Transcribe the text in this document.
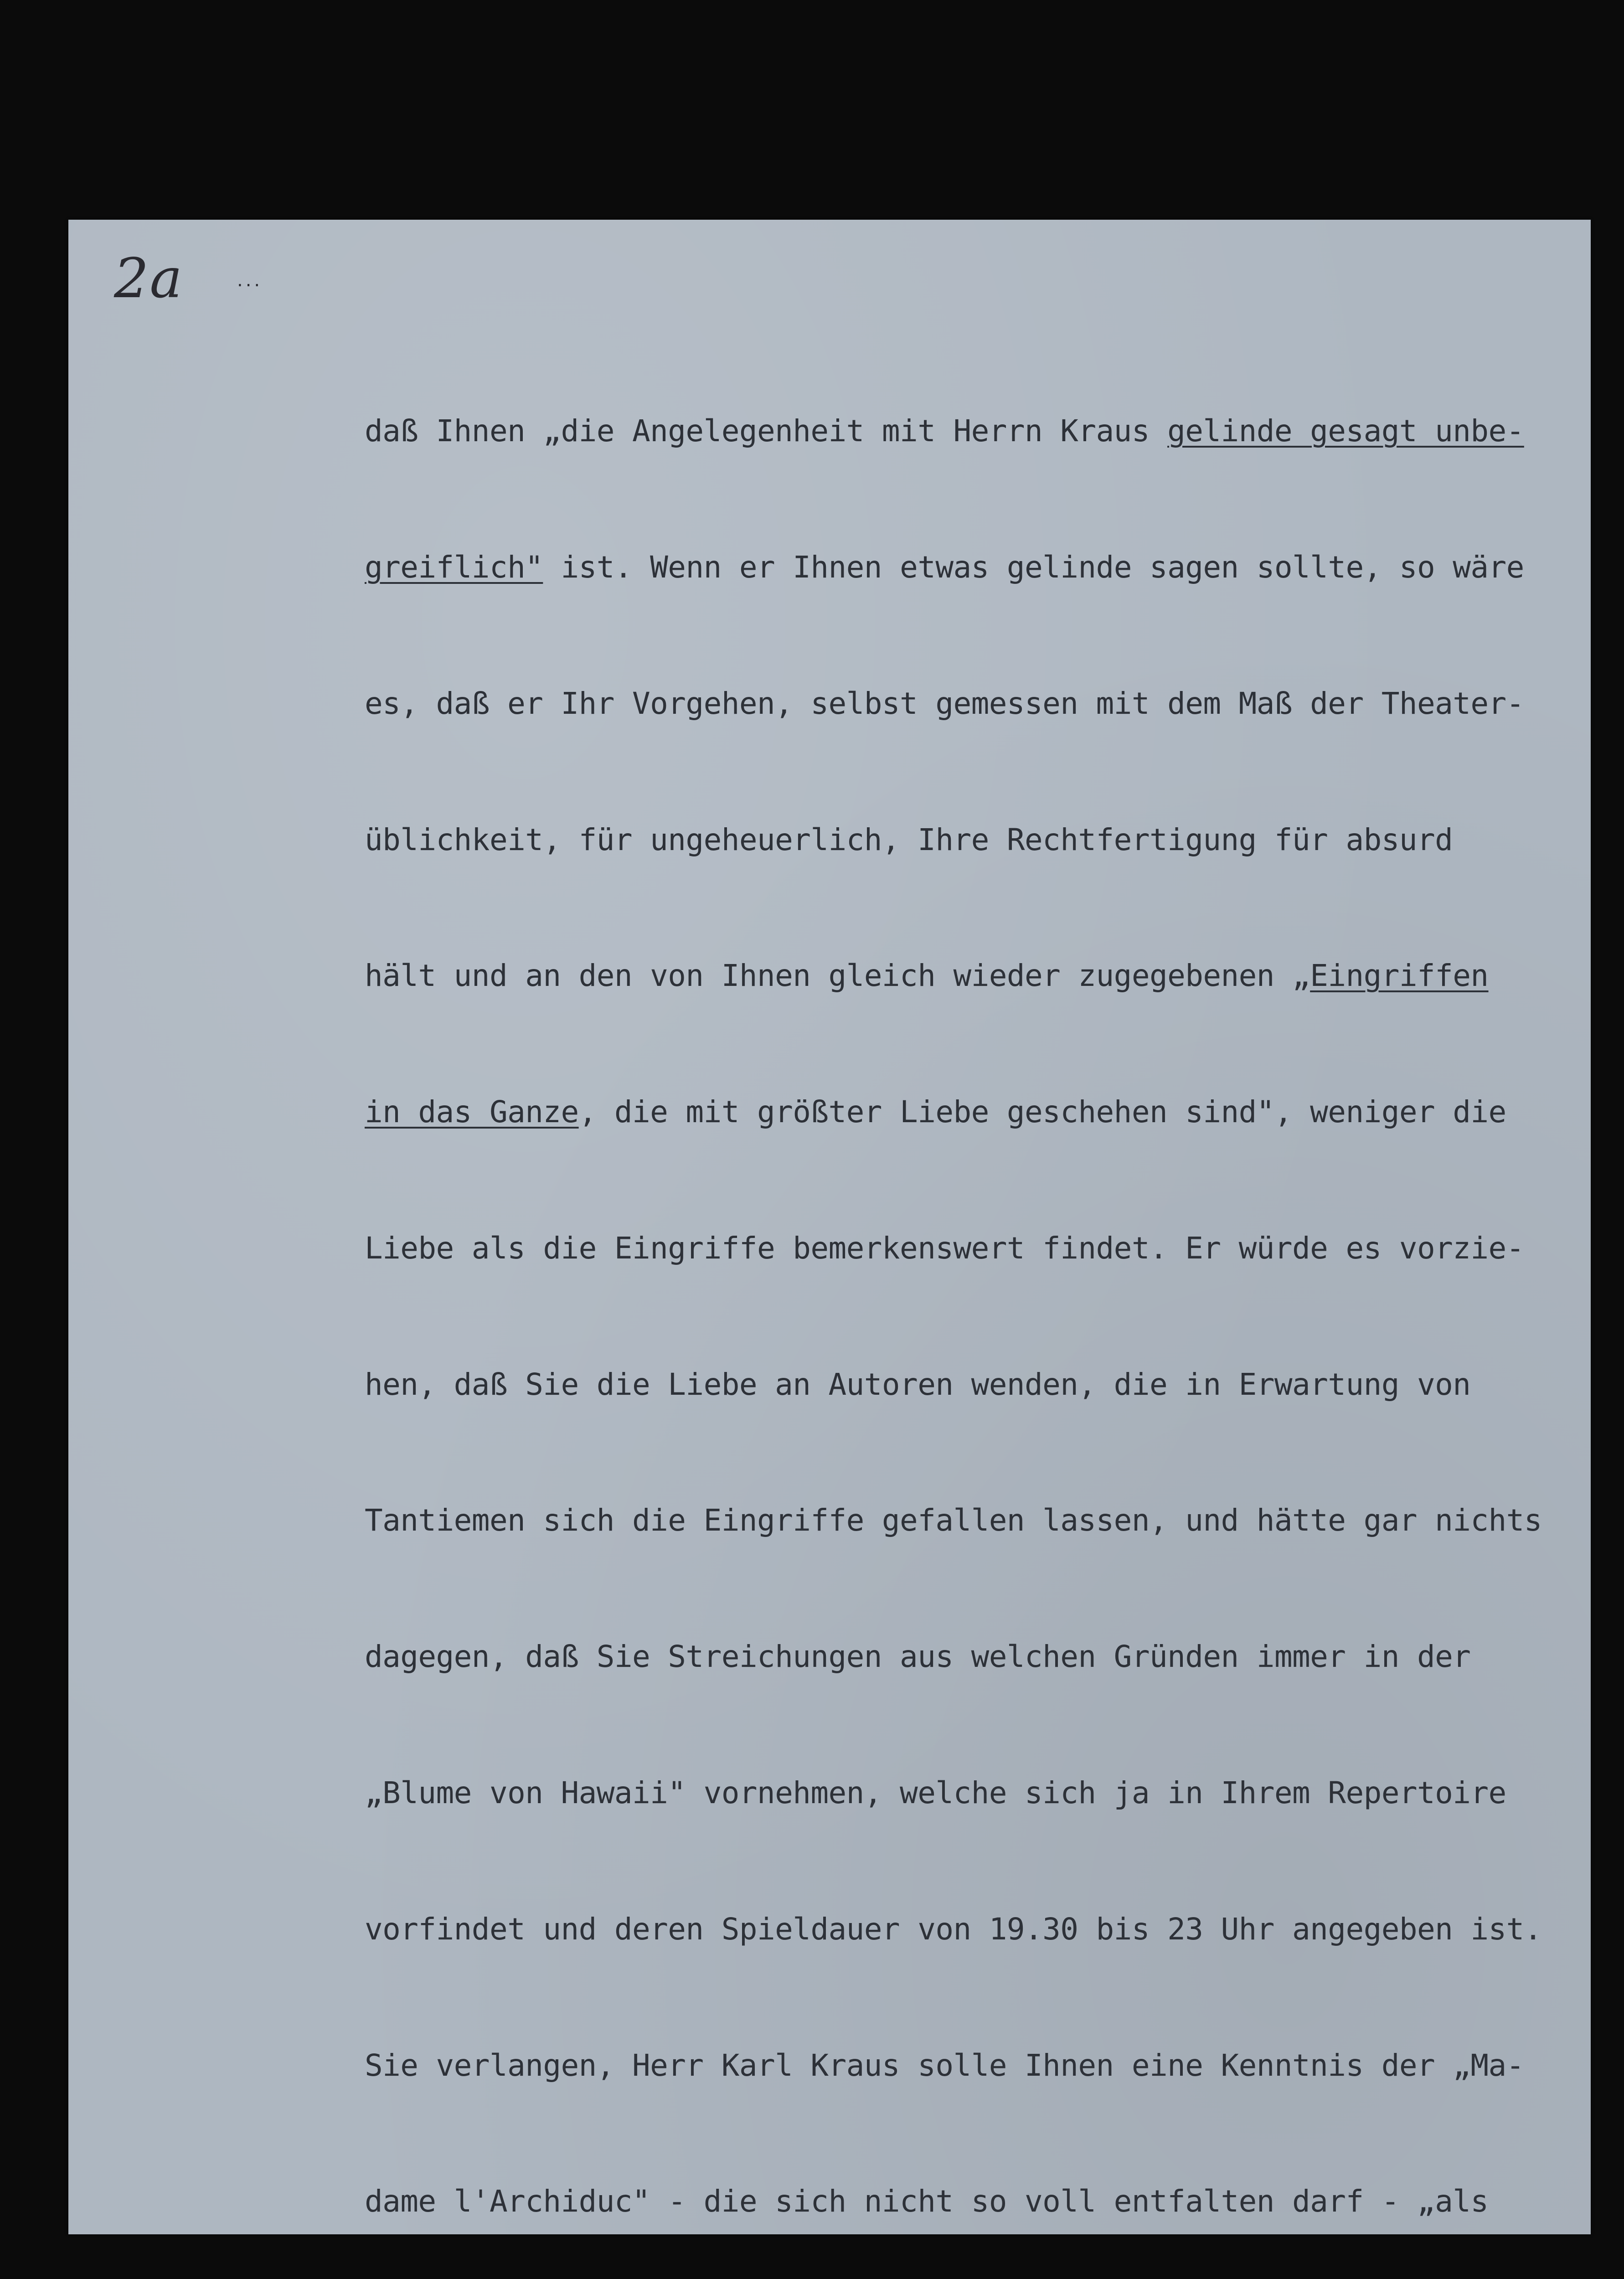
2a	...

daß Ihnen „die Angelegenheit mit Herrn Kraus gelinde gesagt unbe-

greiflich" ist. Wenn er Ihnen etwas gelinde sagen sollte, so wäre

es, daß er Ihr Vorgehen, selbst gemessen mit dem Maß der Theater-

üblichkeit, für ungeheuerlich, Ihre Rechtfertigung für absurd

hält und an den von Ihnen gleich wieder zugegebenen „Eingriffen

in das Ganze, die mit größter Liebe geschehen sind", weniger die

Liebe als die Eingriffe bemerkenswert findet. Er würde es vorzie-

hen, daß Sie die Liebe an Autoren wenden, die in Erwartung von

Tantiemen sich die Eingriffe gefallen lassen, und hätte gar nichts

dagegen, daß Sie Streichungen aus welchen Gründen immer in der

„Blume von Hawaii" vornehmen, welche sich ja in Ihrem Repertoire

vorfindet und deren Spieldauer von 19.30 bis 23 Uhr angegeben ist.

Sie verlangen, Herr Karl Kraus solle Ihnen eine Kenntnis der „Ma-

dame l'Archiduc" - die sich nicht so voll entfalten darf - „als
